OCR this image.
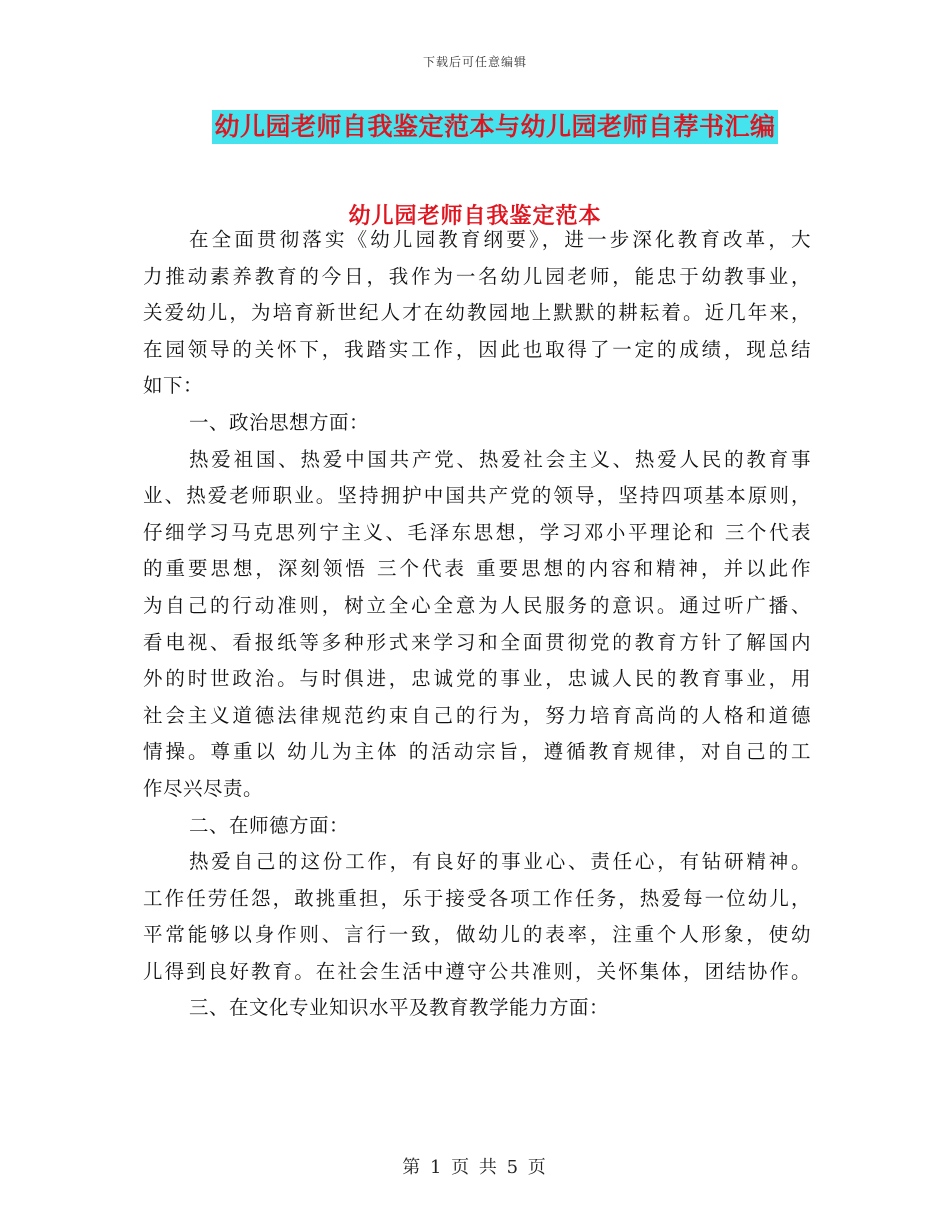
下载后可任意编辑
幼儿园老师自我鉴定范本与幼儿园老师自荐书汇编
幼儿园老师自我鉴定范本
在全面贯彻落实《幼儿园教育纲要》，进一步深化教育改革，大
力推动素养教育的今日，我作为一名幼儿园老师，能忠于幼教事业，
关爱幼儿，为培育新世纪人才在幼教园地上默默的耕耘着。近几年来，
在园领导的关怀下，我踏实工作，因此也取得了一定的成绩，现总结
如下：
一、政治思想方面：
热爱祖国、热爱中国共产党、热爱社会主义、热爱人民的教育事
业、热爱老师职业。坚持拥护中国共产党的领导，坚持四项基本原则，
仔细学习马克思列宁主义、毛泽东思想，学习邓小平理论和 三个代表
的重要思想，深刻领悟 三个代表 重要思想的内容和精神，并以此作
为自己的行动准则，树立全心全意为人民服务的意识。通过听广播、
看电视、看报纸等多种形式来学习和全面贯彻党的教育方针了解国内
外的时世政治。与时俱进，忠诚党的事业，忠诚人民的教育事业，用
社会主义道德法律规范约束自己的行为，努力培育高尚的人格和道德
情操。尊重以 幼儿为主体 的活动宗旨，遵循教育规律，对自己的工
作尽兴尽责。
二、在师德方面：
热爱自己的这份工作，有良好的事业心、责任心，有钻研精神。
工作任劳任怨，敢挑重担，乐于接受各项工作任务，热爱每一位幼儿，
平常能够以身作则、言行一致，做幼儿的表率，注重个人形象，使幼
儿得到良好教育。在社会生活中遵守公共准则，关怀集体，团结协作。
三、在文化专业知识水平及教育教学能力方面：
第 1 页 共 5 页
